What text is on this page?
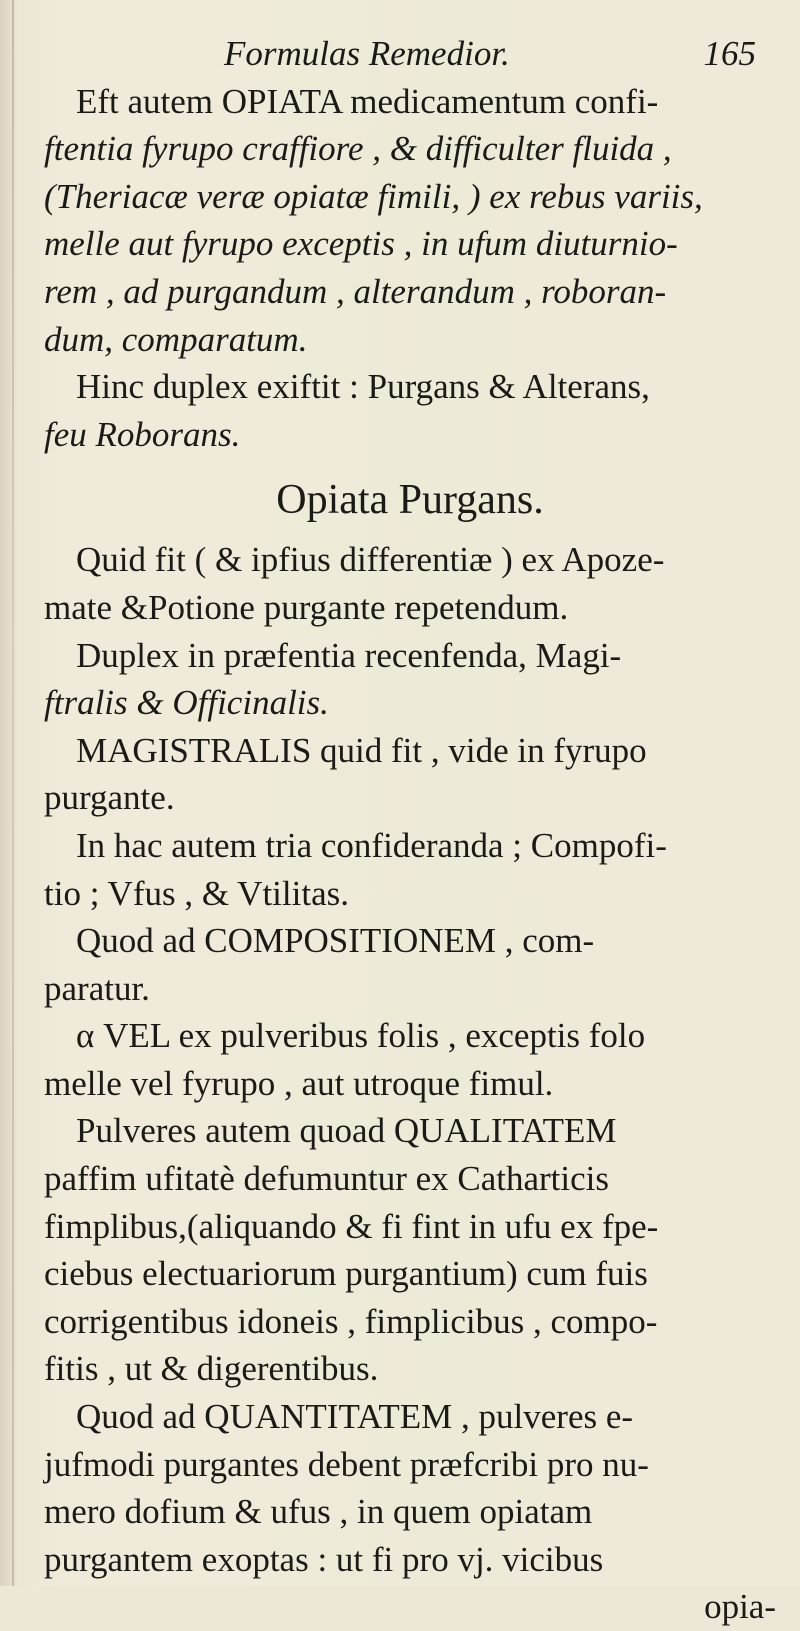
Formulas Remedior.	165
Eft autem OPIATA medicamentum confi-
ftentia fyrupo craffiore , & difficulter fluida ,
(Theriacæ veræ opiatæ fimili, ) ex rebus variis,
melle aut fyrupo exceptis , in ufum diuturnio-
rem , ad purgandum , alterandum , roboran-
dum, comparatum.
Hinc duplex exiftit : Purgans & Alterans,
feu Roborans.
Opiata Purgans.
Quid fit ( & ipfius differentiæ ) ex Apoze-
mate &Potione purgante repetendum.
Duplex in præfentia recenfenda, Magi-
ftralis & Officinalis.
MAGISTRALIS quid fit , vide in fyrupo
purgante.
In hac autem tria confideranda ; Compofi-
tio ; Vfus , & Vtilitas.
Quod ad COMPOSITIONEM , com-
paratur.
α VEL ex pulveribus folis , exceptis folo
melle vel fyrupo , aut utroque fimul.
Pulveres autem quoad QUALITATEM
paffim ufitatè defumuntur ex Catharticis
fimplibus,(aliquando & fi fint in ufu ex fpe-
ciebus electuariorum purgantium) cum fuis
corrigentibus idoneis , fimplicibus , compo-
fitis , ut & digerentibus.
Quod ad QUANTITATEM , pulveres e-
jufmodi purgantes debent præfcribi pro nu-
mero dofium & ufus , in quem opiatam
purgantem exoptas : ut fi pro vj. vicibus
opia-
